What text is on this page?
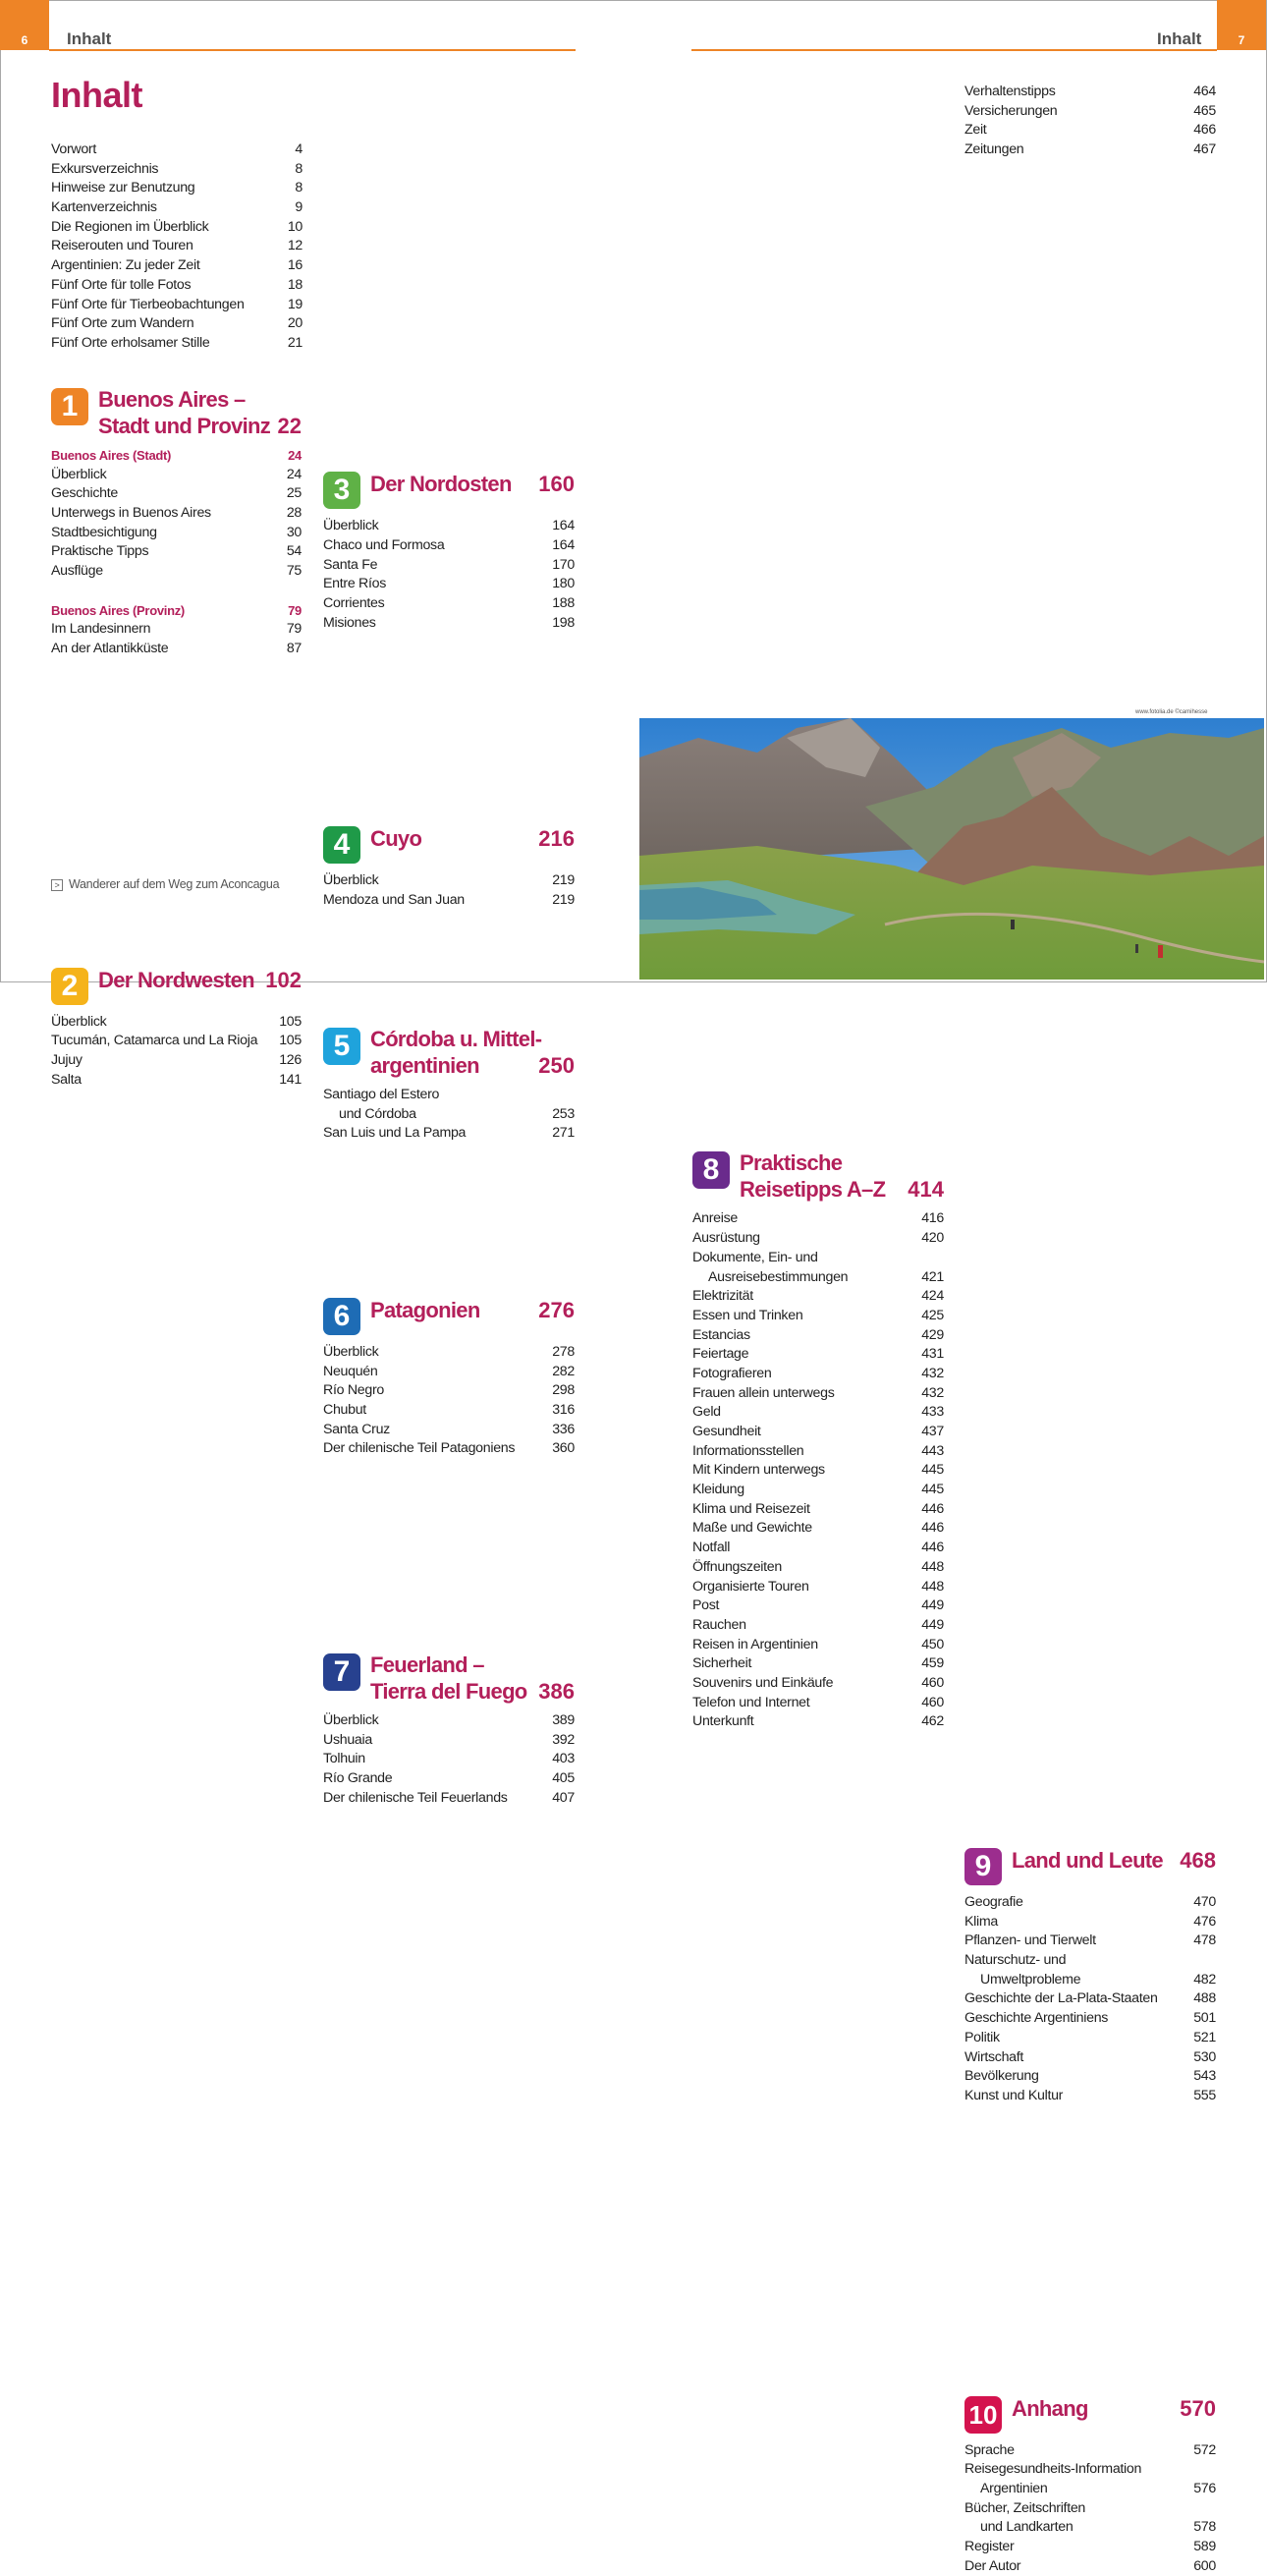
6	Inhalt	7
Inhalt
Inhalt
Vorwort	4
Exkursverzeichnis	8
Hinweise zur Benutzung	8
Kartenverzeichnis	9
Die Regionen im Überblick	10
Reiserouten und Touren	12
Argentinien: Zu jeder Zeit	16
Fünf Orte für tolle Fotos	18
Fünf Orte für Tierbeobachtungen	19
Fünf Orte zum Wandern	20
Fünf Orte erholsamer Stille	21
1 Buenos Aires –
Stadt und Provinz 22
Buenos Aires (Stadt)	24
Überblick	24
Geschichte	25
Unterwegs in Buenos Aires	28
Stadtbesichtigung	30
Praktische Tipps	54
Ausflüge	75
Buenos Aires (Provinz)	79
Im Landesinnern	79
An der Atlantikküste	87
2 Der Nordwesten 102
Überblick	105
Tucumán, Catamarca und La Rioja 105
Jujuy	126
Salta	141
3 Der Nordosten 160
Überblick	164
Chaco und Formosa	164
Santa Fe	170
Entre Ríos	180
Corrientes	188
Misiones	198
4 Cuyo	216
Überblick	219
Mendoza und San Juan	219
5 Córdoba u. Mittel-
argentinien	250
Santiago del Estero
und Córdoba	253
San Luis und La Pampa	271
6 Patagonien	276
Überblick	278
Neuquén	282
Río Negro	298
Chubut	316
Santa Cruz	336
Der chilenische Teil Patagoniens	360
7 Feuerland –
Tierra del Fuego 386
Überblick	389
Ushuaia	392
Tolhuin	403
Río Grande	405
Der chilenische Teil Feuerlands	407
8 Praktische
Reisetipps A–Z 414
Anreise	416
Ausrüstung	420
Dokumente, Ein- und
Ausreisebestimmungen	421
Elektrizität	424
Essen und Trinken	425
Estancias	429
Feiertage	431
Fotografieren	432
Frauen allein unterwegs	432
Geld	433
Gesundheit	437
Informationsstellen	443
Mit Kindern unterwegs	445
Kleidung	445
Klima und Reisezeit	446
Maße und Gewichte	446
Notfall	446
Öffnungszeiten	448
Organisierte Touren	448
Post	449
Rauchen	449
Reisen in Argentinien	450
Sicherheit	459
Souvenirs und Einkäufe	460
Telefon und Internet	460
Unterkunft	462
Verhaltenstipps	464
Versicherungen	465
Zeit	466
Zeitungen	467
9 Land und Leute 468
Geografie	470
Klima	476
Pflanzen- und Tierwelt	478
Naturschutz- und
Umweltprobleme	482
Geschichte der La-Plata-Staaten	488
Geschichte Argentiniens	501
Politik	521
Wirtschaft	530
Bevölkerung	543
Kunst und Kultur	555
10 Anhang	570
Sprache	572
Reisegesundheits-Information
Argentinien	576
Bücher, Zeitschriften
und Landkarten	578
Register	589
Der Autor	600
> Wanderer auf dem Weg zum Aconcagua
www.fotolia.de ©camihesse
